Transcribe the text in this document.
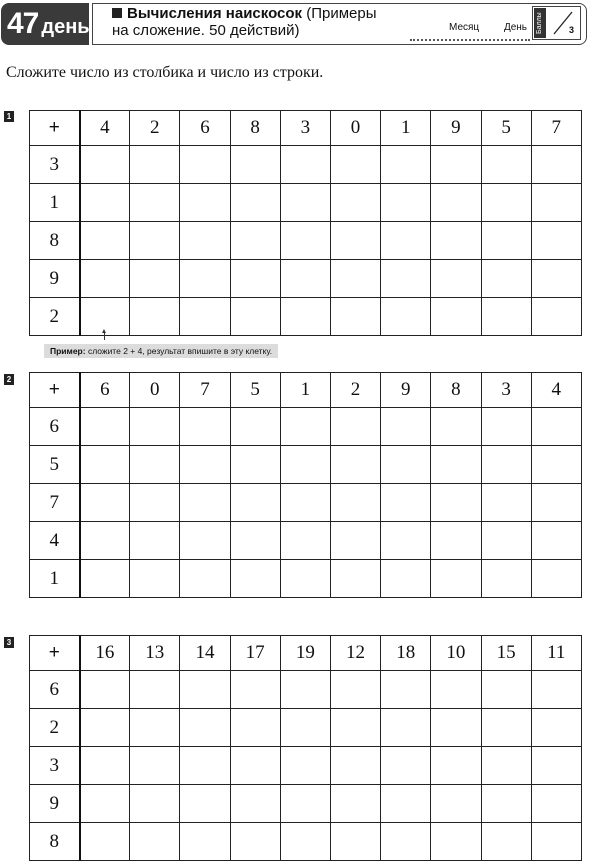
47 день
Вычисления наискосок (Примеры
на сложение. 50 действий)	Месяц День Баллы	3
Сложите число из столбика и число из строки.
1
+	4	2	6	8	3	0	1	9	5	7
3										
1										
8										
9										
2										
Пример: сложите 2 + 4, результат впишите в эту клетку.
2 +	6	0	7	5	1	2	9	8	3	4
6										
5										
7										
4										
1										
3 +	16	13	14	17	19	12	18	10	15	11
6										
2										
3										
9										
8										
